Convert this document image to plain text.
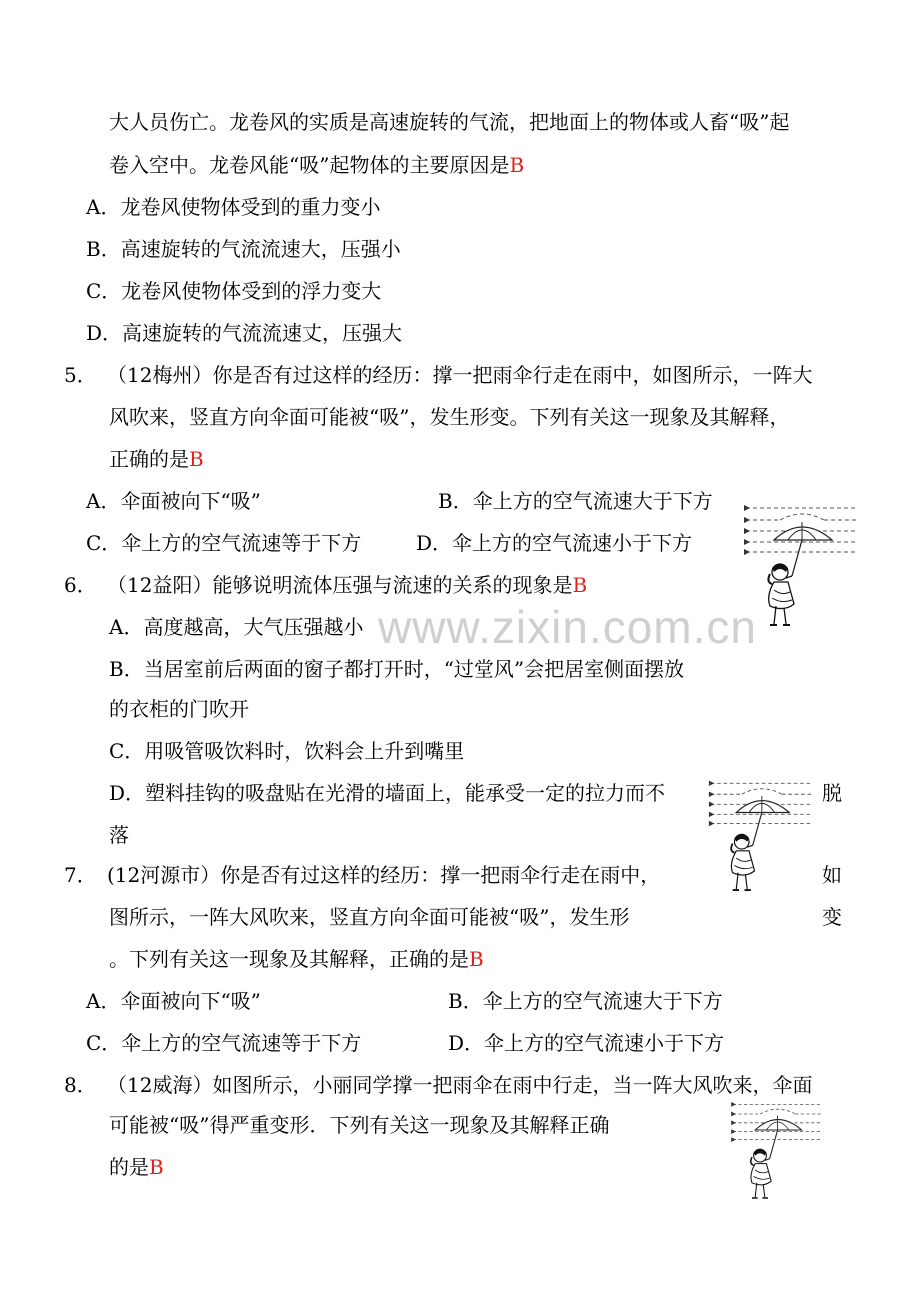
www.zixin.com.cn
大人员伤亡。龙卷风的实质是高速旋转的气流，把地面上的物体或人畜“吸”起
卷入空中。龙卷风能“吸”起物体的主要原因是B
A．龙卷风使物体受到的重力变小
B．高速旋转的气流流速大，压强小
C．龙卷风使物体受到的浮力变大
D．高速旋转的气流流速丈，压强大
5． （12梅州）你是否有过这样的经历：撑一把雨伞行走在雨中，如图所示，一阵大
风吹来，竖直方向伞面可能被“吸”，发生形变。下列有关这一现象及其解释，
正确的是B
A．伞面被向下“吸”	B．伞上方的空气流速大于下方
C．伞上方的空气流速等于下方	D．伞上方的空气流速小于下方
6． （12益阳）能够说明流体压强与流速的关系的现象是B
A．高度越高，大气压强越小
B．当居室前后两面的窗子都打开时，“过堂风”会把居室侧面摆放
的衣柜的门吹开
C．用吸管吸饮料时，饮料会上升到嘴里
D．塑料挂钩的吸盘贴在光滑的墙面上，能承受一定的拉力而不	脱
落
7． (12河源市）你是否有过这样的经历：撑一把雨伞行走在雨中，	如
图所示，一阵大风吹来，竖直方向伞面可能被“吸”，发生形	变
。下列有关这一现象及其解释，正确的是B
A．伞面被向下“吸”	B．伞上方的空气流速大于下方
C．伞上方的空气流速等于下方	D．伞上方的空气流速小于下方
8． （12威海）如图所示，小丽同学撑一把雨伞在雨中行走，当一阵大风吹来，伞面
可能被“吸”得严重变形．下列有关这一现象及其解释正确
的是B
